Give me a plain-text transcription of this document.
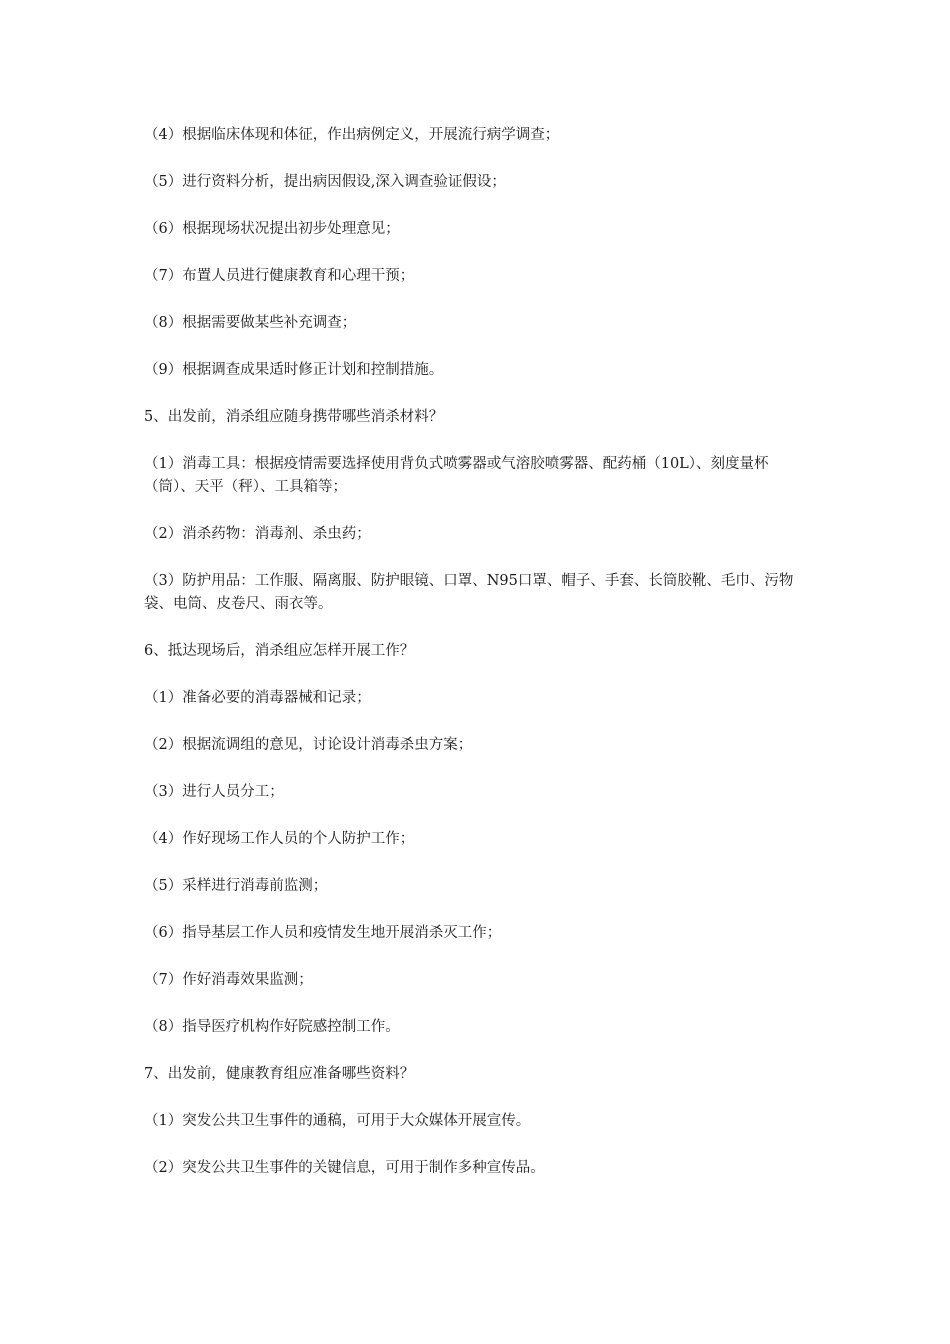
（4）根据临床体现和体征，作出病例定义，开展流行病学调查；

（5）进行资料分析，提出病因假设,深入调查验证假设；

（6）根据现场状况提出初步处理意见；

（7）布置人员进行健康教育和心理干预；

（8）根据需要做某些补充调查；

（9）根据调查成果适时修正计划和控制措施。

5、出发前，消杀组应随身携带哪些消杀材料？

（1）消毒工具：根据疫情需要选择使用背负式喷雾器或气溶胶喷雾器、配药桶（10L）、刻度量杯（筒）、天平（秤）、工具箱等；

（2）消杀药物：消毒剂、杀虫药；

（3）防护用品：工作服、隔离服、防护眼镜、口罩、N95口罩、帽子、手套、长筒胶靴、毛巾、污物袋、电筒、皮卷尺、雨衣等。

6、抵达现场后，消杀组应怎样开展工作？

（1）准备必要的消毒器械和记录；

（2）根据流调组的意见，讨论设计消毒杀虫方案；

（3）进行人员分工；

（4）作好现场工作人员的个人防护工作；

（5）采样进行消毒前监测；

（6）指导基层工作人员和疫情发生地开展消杀灭工作；

（7）作好消毒效果监测；

（8）指导医疗机构作好院感控制工作。

7、出发前，健康教育组应准备哪些资料？

（1）突发公共卫生事件的通稿，可用于大众媒体开展宣传。

（2）突发公共卫生事件的关键信息，可用于制作多种宣传品。
